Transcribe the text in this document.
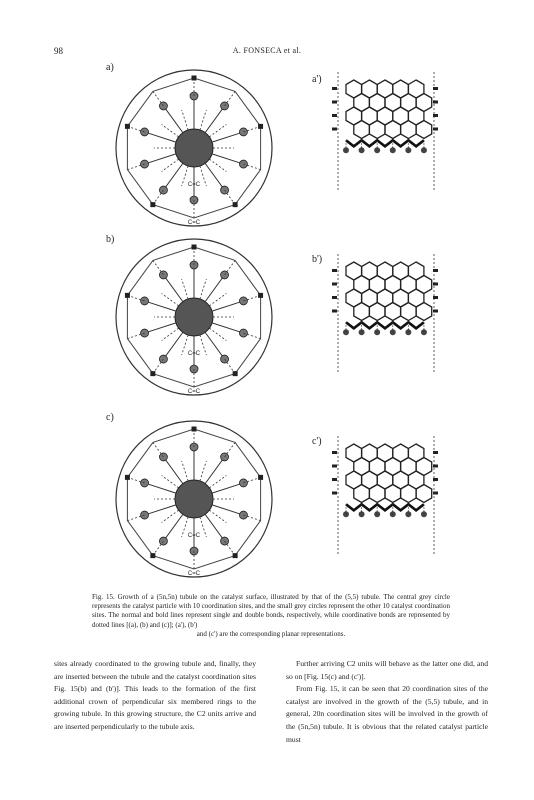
98	A. FONSECA et al.
a)
C=C
C=C
a')
b)
C=C
C=C
b')
c)
C=C
C=C
c')
Fig. 15. Growth of a (5n,5n) tubule on the catalyst surface, illustrated by that of the (5,5) tubule. The central grey circle represents the catalyst particle with 10 coordination sites, and the small grey circles represent the other 10 catalyst coordination sites. The normal and bold lines represent single and double bonds, respectively, while coordinative bonds are represented by dotted lines [(a), (b) and (c)]; (a'), (b')
and (c') are the corresponding planar representations.
sites already coordinated to the growing tubule and, finally, they are inserted between the tubule and the catalyst coordination sites Fig. 15(b) and (b')]. This leads to the formation of the first additional crown of perpendicular six membered rings to the growing tubule. In this growing structure, the C2 units arrive and are inserted perpendicularly to the tubule axis.
Further arriving C2 units will behave as the latter one did, and so on [Fig. 15(c) and (c')].
From Fig. 15, it can be seen that 20 coordination sites of the catalyst are involved in the growth of the (5,5) tubule, and in general, 20n coordination sites will be involved in the growth of the (5n,5n) tubule. It is obvious that the related catalyst particle must
